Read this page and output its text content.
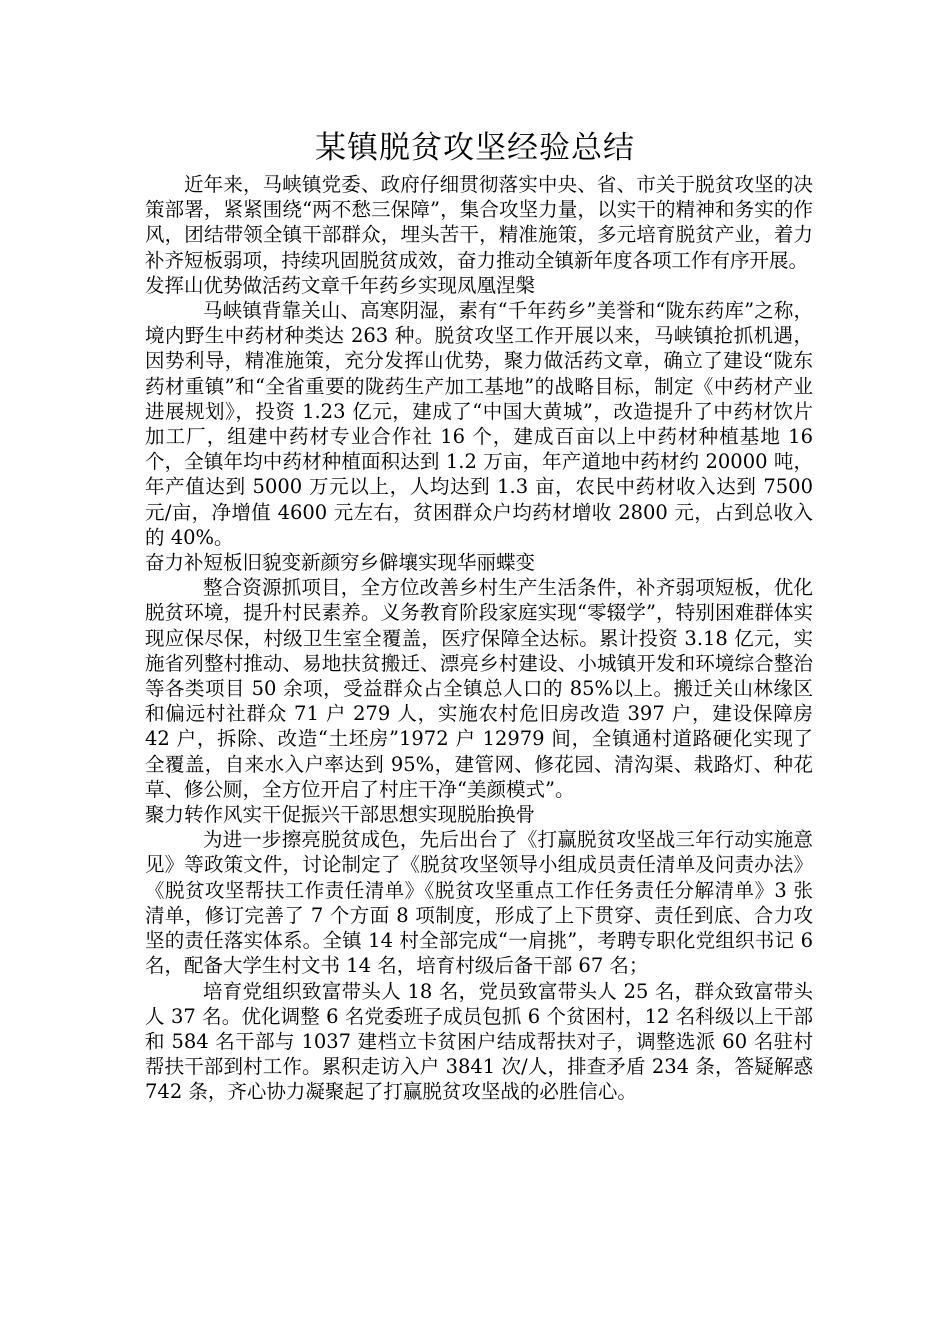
某镇脱贫攻坚经验总结

近年来，马峡镇党委、政府仔细贯彻落实中央、省、市关于脱贫攻坚的决策部署，紧紧围绕“两不愁三保障”，集合攻坚力量，以实干的精神和务实的作风，团结带领全镇干部群众，埋头苦干，精准施策，多元培育脱贫产业，着力补齐短板弱项，持续巩固脱贫成效，奋力推动全镇新年度各项工作有序开展。

发挥山优势做活药文章千年药乡实现凤凰涅槃

马峡镇背靠关山、高寒阴湿，素有“千年药乡”美誉和“陇东药库”之称，境内野生中药材种类达 263 种。脱贫攻坚工作开展以来，马峡镇抢抓机遇，因势利导，精准施策，充分发挥山优势，聚力做活药文章，确立了建设“陇东药材重镇”和“全省重要的陇药生产加工基地”的战略目标，制定《中药材产业进展规划》，投资 1.23 亿元，建成了“中国大黄城”，改造提升了中药材饮片加工厂，组建中药材专业合作社 16 个，建成百亩以上中药材种植基地 16 个，全镇年均中药材种植面积达到 1.2 万亩，年产道地中药材约 20000 吨，年产值达到 5000 万元以上，人均达到 1.3 亩，农民中药材收入达到 7500 元/亩，净增值 4600 元左右，贫困群众户均药材增收 2800 元，占到总收入的 40%。

奋力补短板旧貌变新颜穷乡僻壤实现华丽蝶变

整合资源抓项目，全方位改善乡村生产生活条件，补齐弱项短板，优化脱贫环境，提升村民素养。义务教育阶段家庭实现“零辍学”，特别困难群体实现应保尽保，村级卫生室全覆盖，医疗保障全达标。累计投资 3.18 亿元，实施省列整村推动、易地扶贫搬迁、漂亮乡村建设、小城镇开发和环境综合整治等各类项目 50 余项，受益群众占全镇总人口的 85%以上。搬迁关山林缘区和偏远村社群众 71 户 279 人，实施农村危旧房改造 397 户，建设保障房 42 户，拆除、改造“土坯房”1972 户 12979 间，全镇通村道路硬化实现了全覆盖，自来水入户率达到 95%，建管网、修花园、清沟渠、栽路灯、种花草、修公厕，全方位开启了村庄干净“美颜模式”。

聚力转作风实干促振兴干部思想实现脱胎换骨

为进一步擦亮脱贫成色，先后出台了《打赢脱贫攻坚战三年行动实施意见》等政策文件，讨论制定了《脱贫攻坚领导小组成员责任清单及问责办法》《脱贫攻坚帮扶工作责任清单》《脱贫攻坚重点工作任务责任分解清单》3 张清单，修订完善了 7 个方面 8 项制度，形成了上下贯穿、责任到底、合力攻坚的责任落实体系。全镇 14 村全部完成“一肩挑”，考聘专职化党组织书记 6 名，配备大学生村文书 14 名，培育村级后备干部 67 名；

培育党组织致富带头人 18 名，党员致富带头人 25 名，群众致富带头人 37 名。优化调整 6 名党委班子成员包抓 6 个贫困村，12 名科级以上干部和 584 名干部与 1037 建档立卡贫困户结成帮扶对子，调整选派 60 名驻村帮扶干部到村工作。累积走访入户 3841 次/人，排查矛盾 234 条，答疑解惑 742 条，齐心协力凝聚起了打赢脱贫攻坚战的必胜信心。
